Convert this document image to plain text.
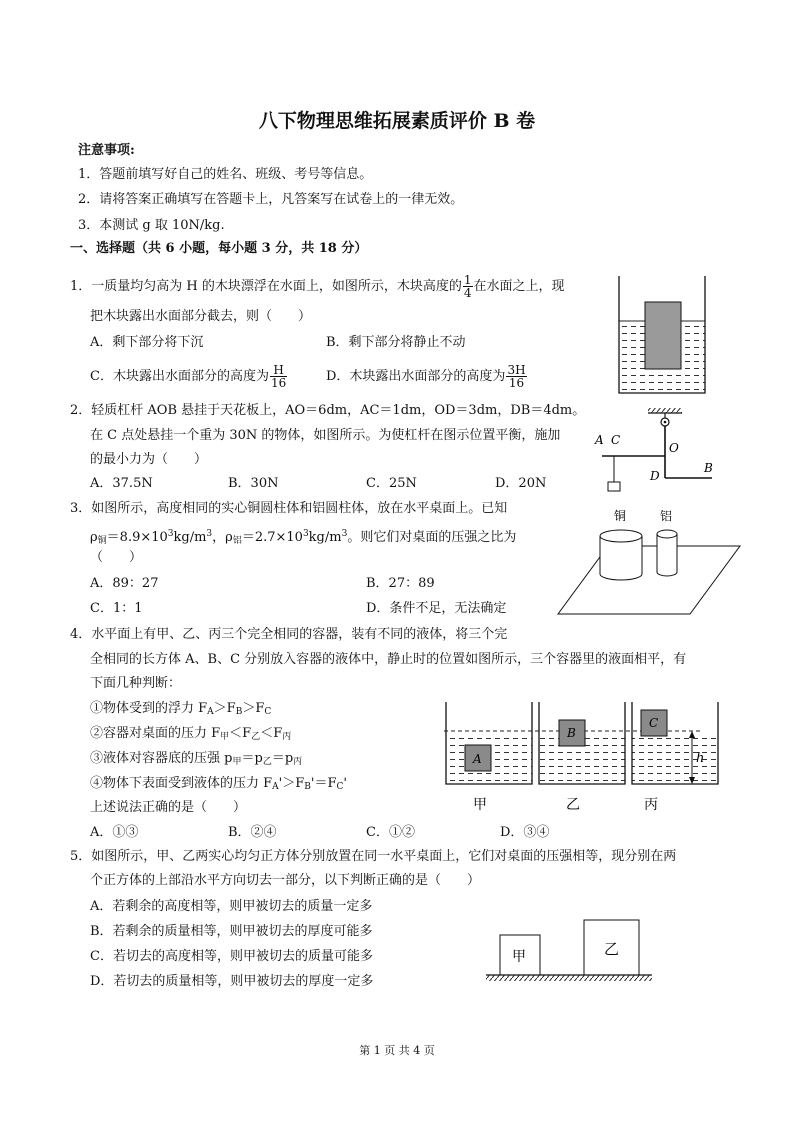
八下物理思维拓展素质评价 B 卷
注意事项:
1．答题前填写好自己的姓名、班级、考号等信息。
2．请将答案正确填写在答题卡上，凡答案写在试卷上的一律无效。
3．本测试 g 取 10N/kg.
一、选择题（共 6 小题，每小题 3 分，共 18 分）
1．一质量均匀高为 H 的木块漂浮在水面上，如图所示，木块高度的 $\frac{1}{4}$ 在水面之上，现
把木块露出水面部分截去，则（　　）
A．剩下部分将下沉	B．剩下部分将静止不动
C．木块露出水面部分的高度为 $\frac{H}{16}$	D．木块露出水面部分的高度为 $\frac{3H}{16}$
2．轻质杠杆 AOB 悬挂于天花板上，AO＝6dm，AC＝1dm，OD＝3dm，DB＝4dm。
在 C 点处悬挂一个重为 30N 的物体，如图所示。为使杠杆在图示位置平衡，施加
的最小力为（　　）
A．37.5N	B．30N	C．25N	D．20N
A C
O
D
B
3．如图所示，高度相同的实心铜圆柱体和铝圆柱体，放在水平桌面上。已知
$\rho_铜=8.9\times 10^3kg/m^3$，$\rho_铝=2.7\times 10^3kg/m^3$。则它们对桌面的压强之比为
（　　）
A．89：27	B．27：89
C．1：1	D．条件不足，无法确定
铜	铝
4．水平面上有甲、乙、丙三个完全相同的容器，装有不同的液体，将三个完
全相同的长方体 A、B、C 分别放入容器的液体中，静止时的位置如图所示，三个容器里的液面相平，有
下面几种判断：
①物体受到的浮力 $F_A>F_B>F_C$
②容器对桌面的压力 $F_甲<F_乙<F_丙$
③液体对容器底的压强 $p_甲=p_乙=p_丙$
④物体下表面受到液体的压力 $F_A'>F_B'=F_C'$
上述说法正确的是（　　）
A．①③	B．②④	C．①②	D．③④
A
B
C
h
甲	乙	丙
5．如图所示，甲、乙两实心均匀正方体分别放置在同一水平桌面上，它们对桌面的压强相等，现分别在两
个正方体的上部沿水平方向切去一部分，以下判断正确的是（　　）
A．若剩余的高度相等，则甲被切去的质量一定多
B．若剩余的质量相等，则甲被切去的厚度可能多
C．若切去的高度相等，则甲被切去的质量可能多
D．若切去的质量相等，则甲被切去的厚度一定多
甲	乙
第 1 页 共 4 页
